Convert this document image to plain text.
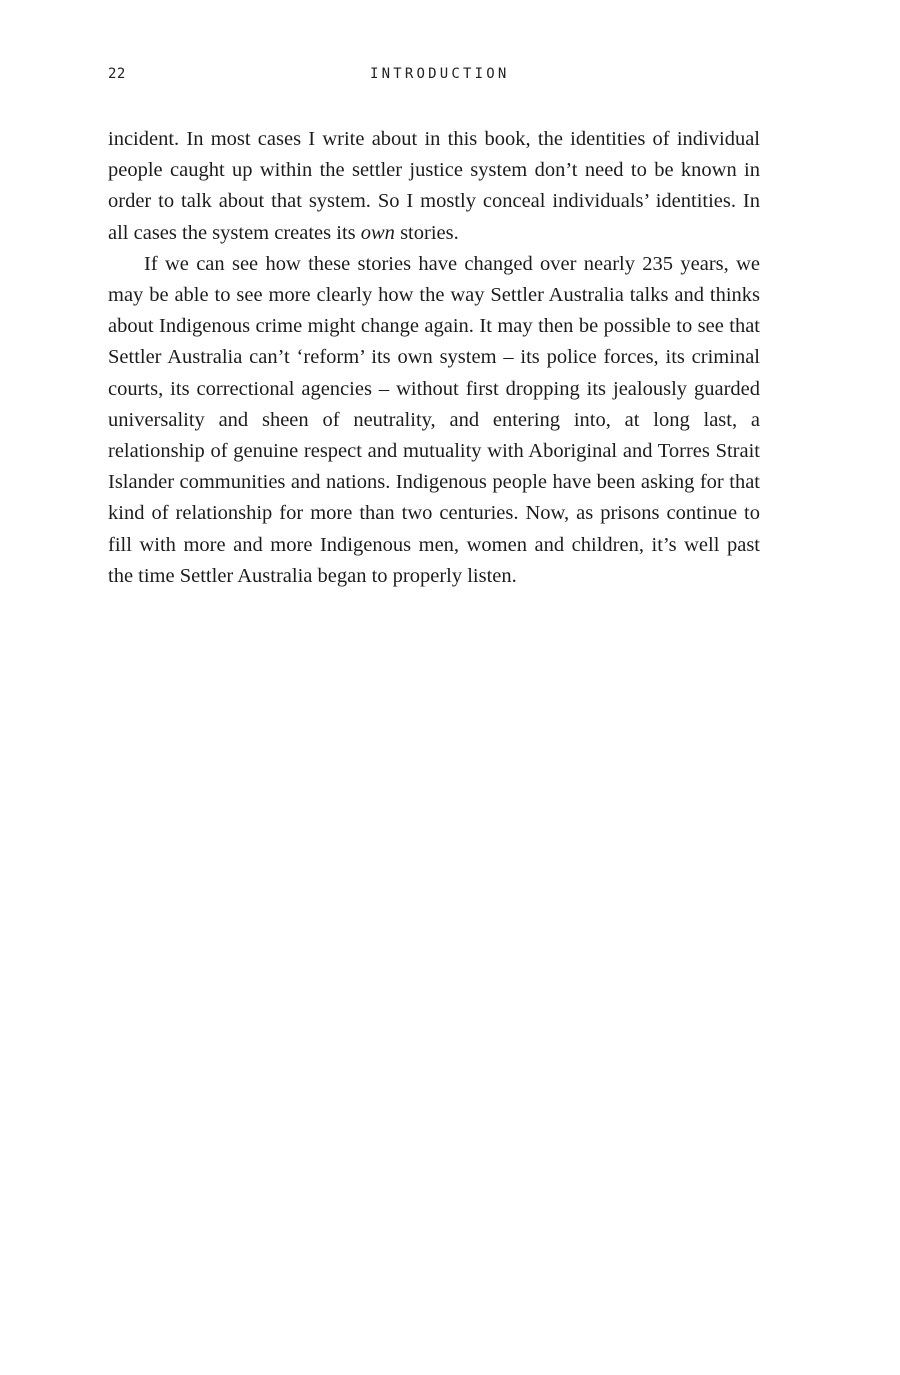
22	INTRODUCTION

incident. In most cases I write about in this book, the identities of individual people caught up within the settler justice system don’t need to be known in order to talk about that system. So I mostly conceal individuals’ identities. In all cases the system creates its own stories.

If we can see how these stories have changed over nearly 235 years, we may be able to see more clearly how the way Settler Australia talks and thinks about Indigenous crime might change again. It may then be possible to see that Settler Australia can’t ‘reform’ its own system – its police forces, its criminal courts, its correctional agencies – without first dropping its jealously guarded universality and sheen of neutrality, and entering into, at long last, a relationship of genuine respect and mutuality with Aboriginal and Torres Strait Islander communities and nations. Indigenous people have been asking for that kind of relationship for more than two centuries. Now, as prisons continue to fill with more and more Indigenous men, women and children, it’s well past the time Settler Australia began to properly listen.
